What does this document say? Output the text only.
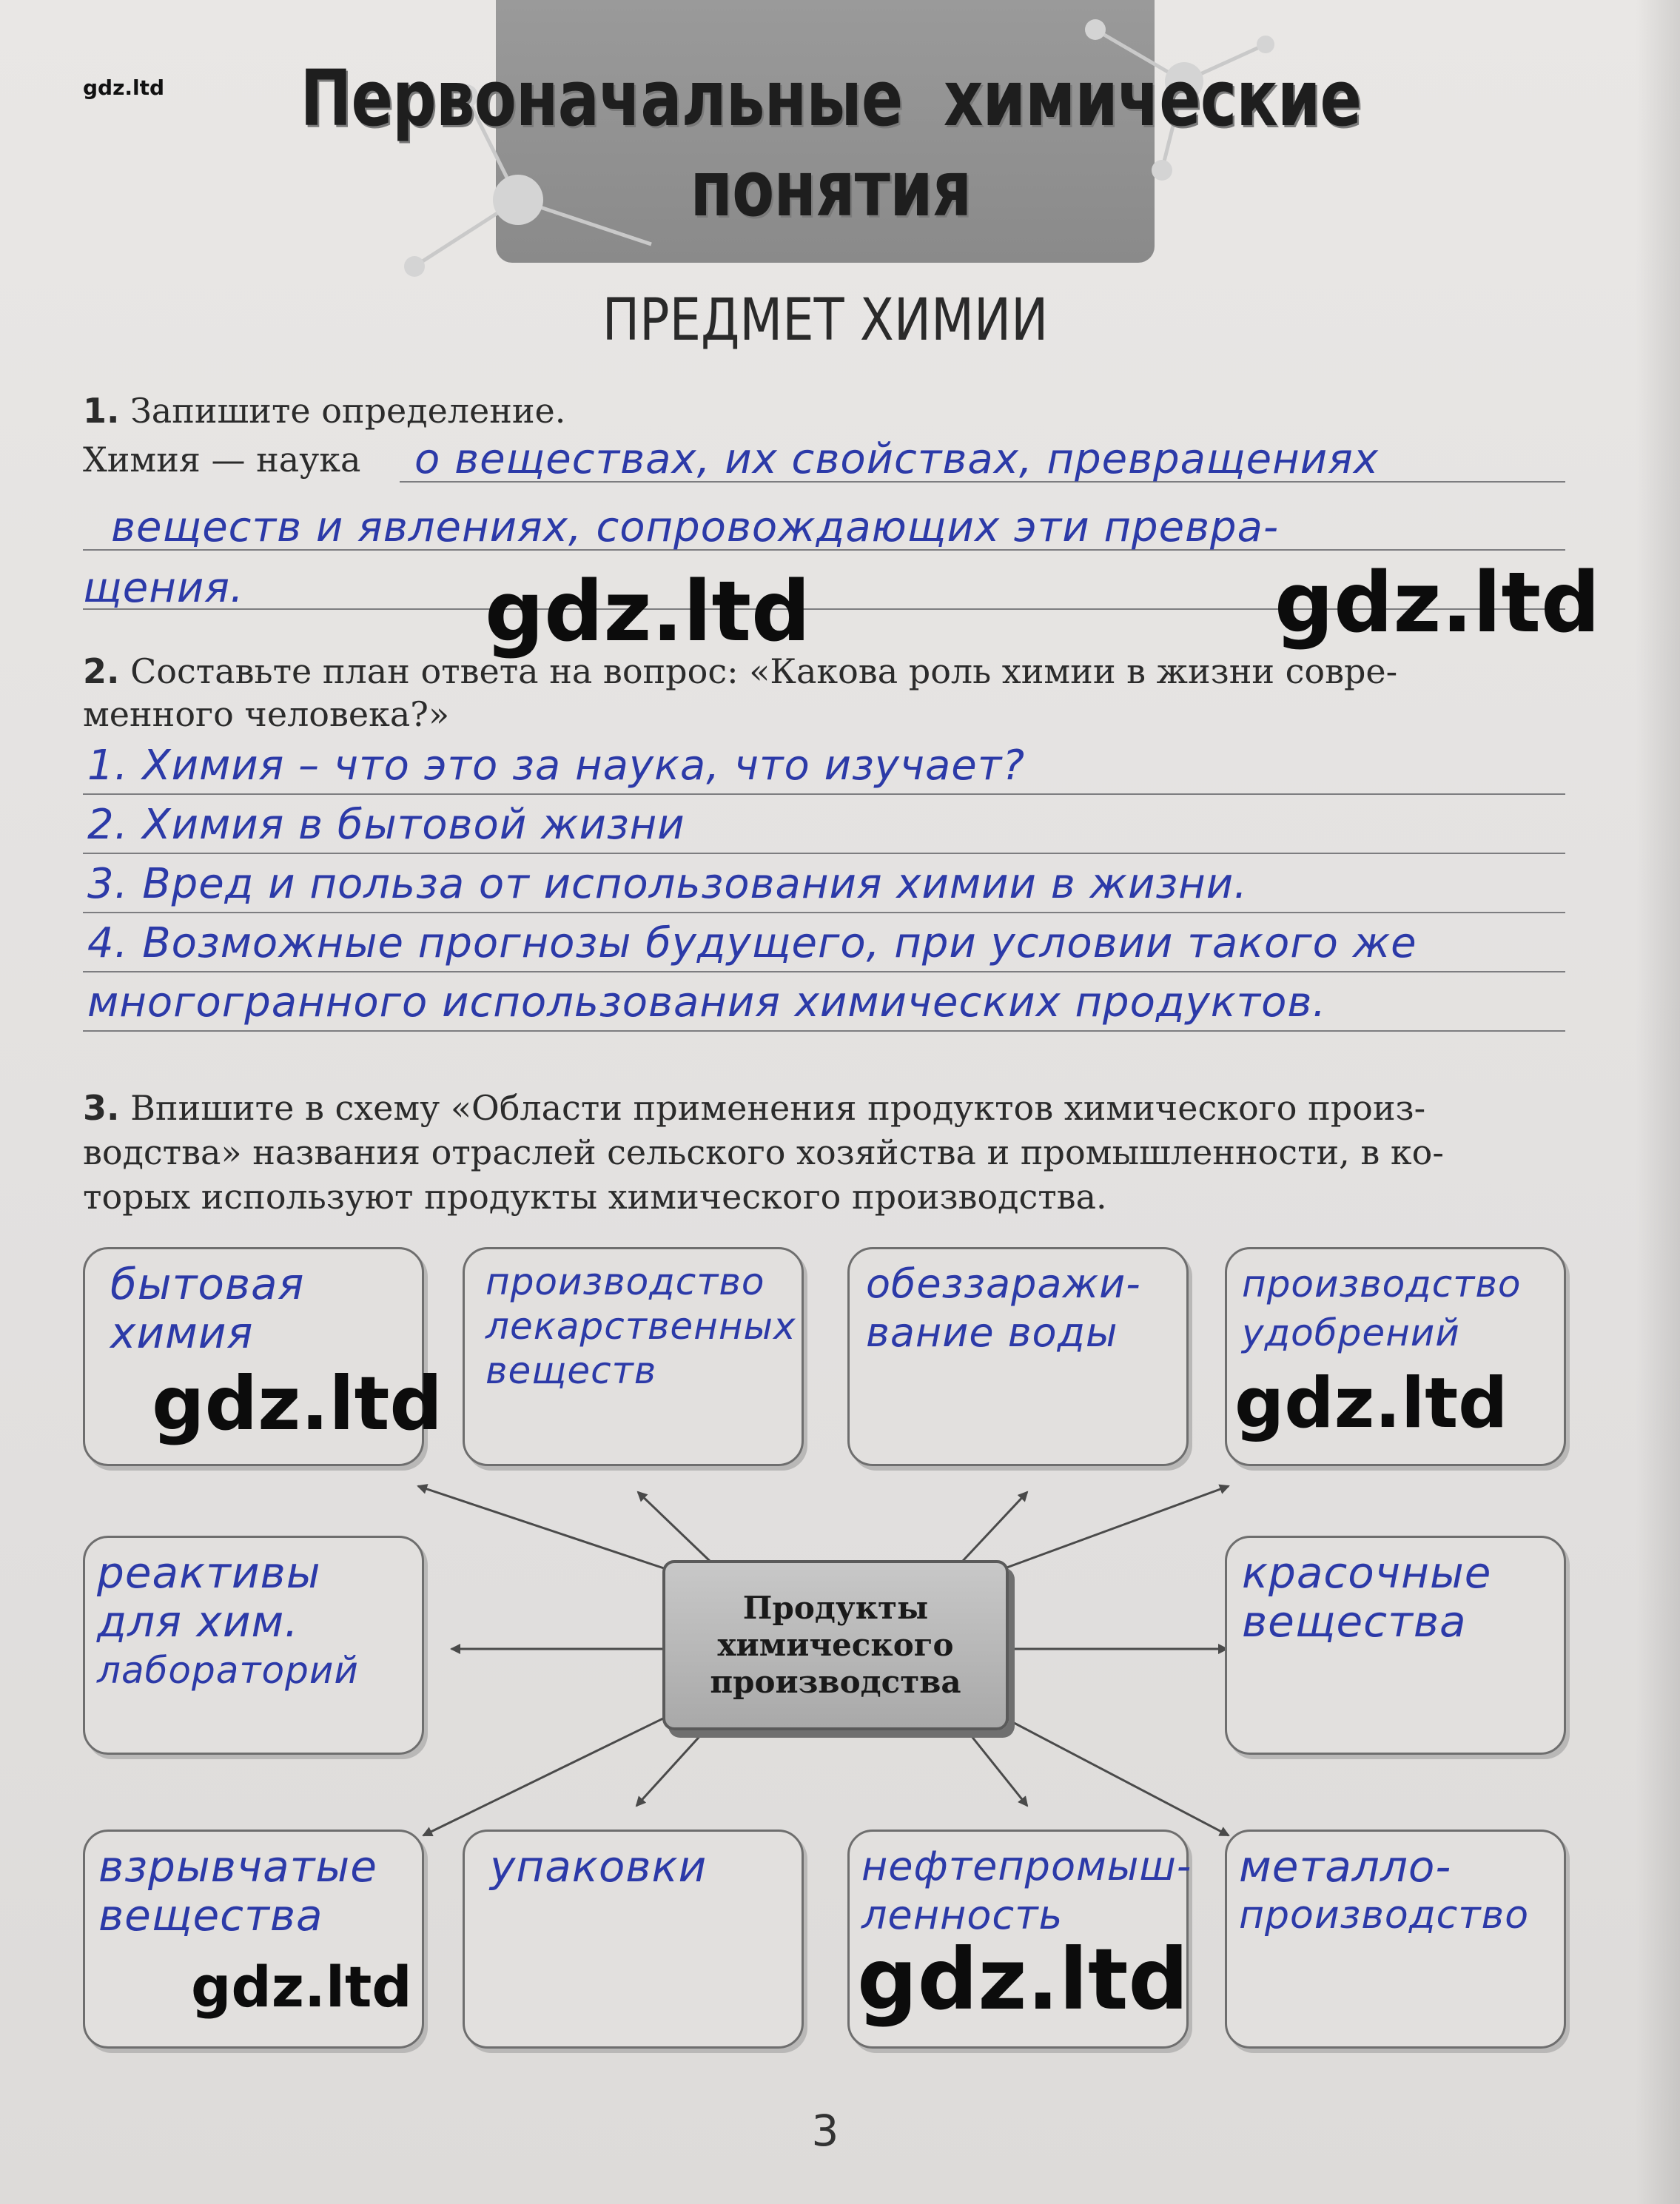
gdz.ltd	Первоначальные химические понятия
ПРЕДМЕТ ХИМИИ
1. Запишите определение.
Химия — наука о веществах, их свойствах, превращениях
веществ и явлениях, сопровождающих эти превра-
щения.
2. Составьте план ответа на вопрос: «Какова роль химии в жизни совре-
менного человека?»
1. Химия – что это за наука, что изучает?
2. Химия в бытовой жизни
3. Вред и польза от использования химии в жизни.
4. Возможные прогнозы будущего, при условии такого же
многогранного использования химических продуктов.
3. Впишите в схему «Области применения продуктов химического произ-
водства» названия отраслей сельского хозяйства и промышленности, в ко-
торых используют продукты химического производства.
бытовая
химия
производство
лекарственных
веществ
обеззаражи-
вание воды
производство
удобрений
реактивы
для хим.
лабораторий
Продукты
химического
производства
красочные
вещества
взрывчатые
вещества
упаковки	нефтепромыш-
ленность
металло-
производство
gdz.ltd	gdz.ltd
gdz.ltd	gdz.ltd
gdz.ltd	gdz.ltd
3
